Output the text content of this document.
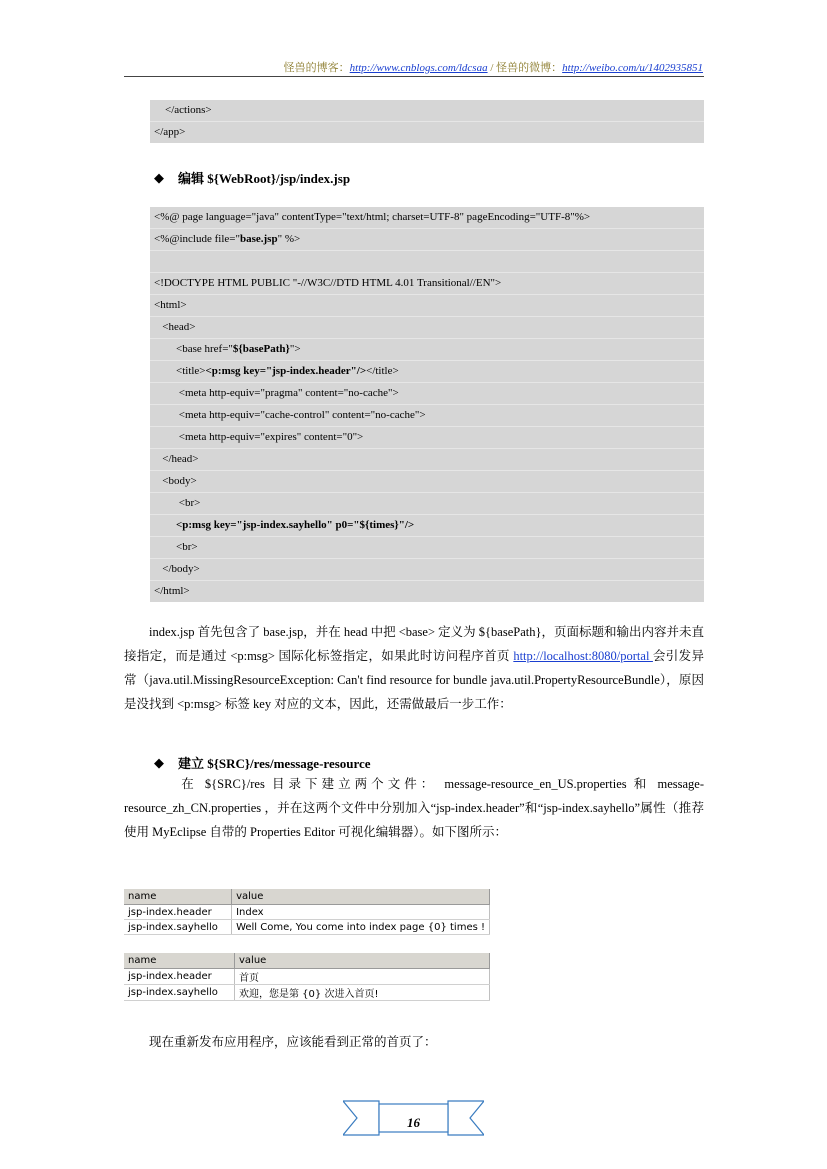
怪兽的博客：http://www.cnblogs.com/ldcsaa / 怪兽的微博：http://weibo.com/u/1402935851
</actions>
</app>
◆ 编辑 ${WebRoot}/jsp/index.jsp
<%@ page language="java" contentType="text/html; charset=UTF-8" pageEncoding="UTF-8"%>
<%@include file="base.jsp" %>
<!DOCTYPE HTML PUBLIC "-//W3C//DTD HTML 4.01 Transitional//EN">
<html>
<head>
<base href="${basePath}">
<title><p:msg key="jsp-index.header"/></title>
<meta http-equiv="pragma" content="no-cache">
<meta http-equiv="cache-control" content="no-cache">
<meta http-equiv="expires" content="0">
</head>
<body>
<br>
<p:msg key="jsp-index.sayhello" p0="${times}"/>
<br>
</body>
</html>
index.jsp 首先包含了 base.jsp，并在 head 中把 <base> 定义为 ${basePath}，页面标题和输出内容并未直接指定，而是通过 <p:msg> 国际化标签指定，如果此时访问程序首页 http://localhost:8080/portal 会引发异常（java.util.MissingResourceException: Can't find resource for bundle java.util.PropertyResourceBundle），原因是没找到 <p:msg> 标签 key 对应的文本，因此，还需做最后一步工作：
◆ 建立 ${SRC}/res/message-resource
在 ${SRC}/res 目录下建立两个文件： message-resource_en_US.properties 和 message-resource_zh_CN.properties ，并在这两个文件中分别加入“jsp-index.header”和“jsp-index.sayhello”属性（推荐使用 MyEclipse 自带的 Properties Editor 可视化编辑器）。如下图所示：
name	value
jsp-index.header	Index
jsp-index.sayhello	Well Come, You come into index page {0} times !
name	value
jsp-index.header	首页
jsp-index.sayhello	欢迎，您是第 {0} 次进入首页!
现在重新发布应用程序，应该能看到正常的首页了：
16
